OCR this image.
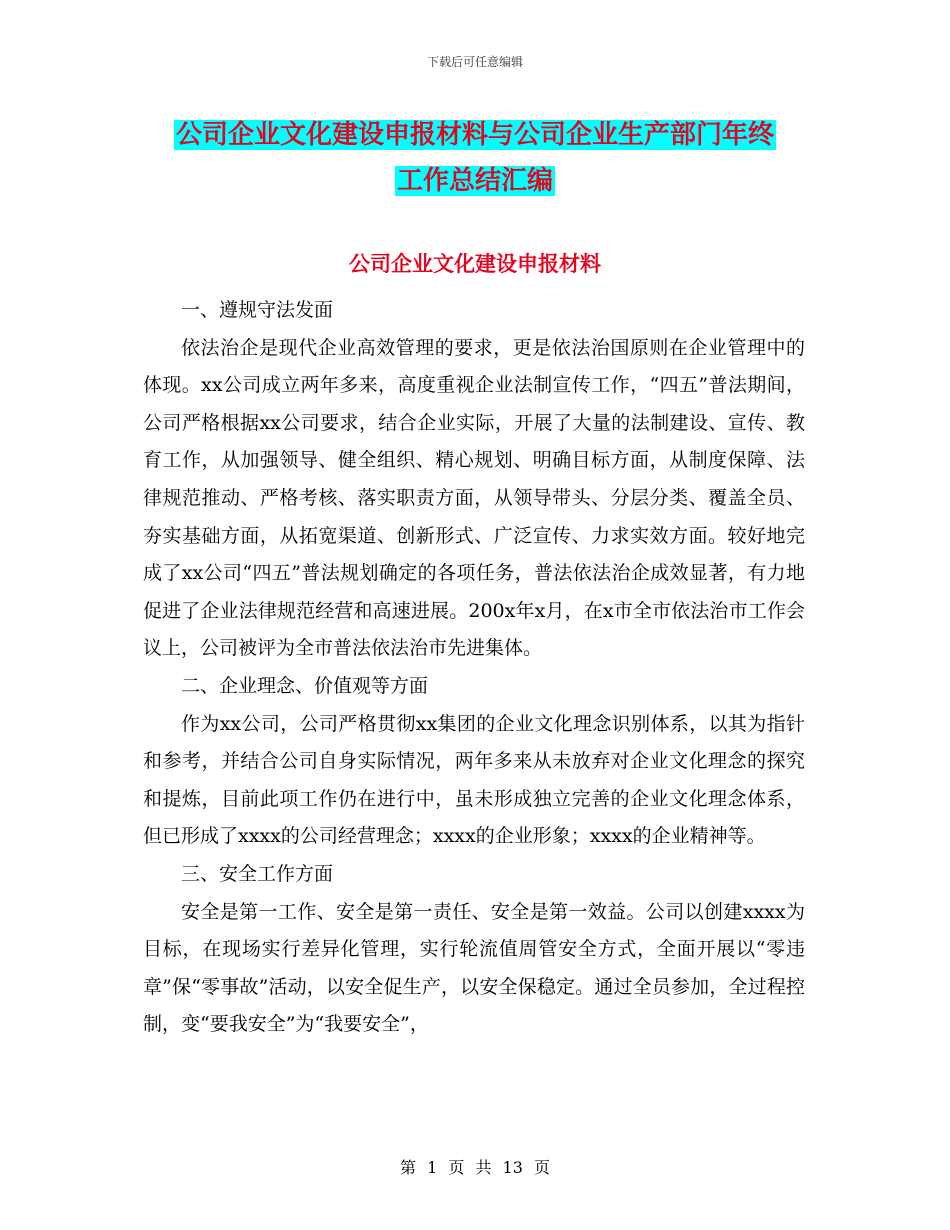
下载后可任意编辑
公司企业文化建设申报材料与公司企业生产部门年终
工作总结汇编
公司企业文化建设申报材料

一、遵规守法发面

依法治企是现代企业高效管理的要求，更是依法治国原则在企业管理中的体现。xx公司成立两年多来，高度重视企业法制宣传工作，“四五”普法期间，公司严格根据xx公司要求，结合企业实际，开展了大量的法制建设、宣传、教育工作，从加强领导、健全组织、精心规划、明确目标方面，从制度保障、法律规范推动、严格考核、落实职责方面，从领导带头、分层分类、覆盖全员、夯实基础方面，从拓宽渠道、创新形式、广泛宣传、力求实效方面。较好地完成了xx公司“四五”普法规划确定的各项任务，普法依法治企成效显著，有力地促进了企业法律规范经营和高速进展。200x年x月，在x市全市依法治市工作会议上，公司被评为全市普法依法治市先进集体。

二、企业理念、价值观等方面

作为xx公司，公司严格贯彻xx集团的企业文化理念识别体系，以其为指针和参考，并结合公司自身实际情况，两年多来从未放弃对企业文化理念的探究和提炼，目前此项工作仍在进行中，虽未形成独立完善的企业文化理念体系，但已形成了xxxx的公司经营理念；xxxx的企业形象；xxxx的企业精神等。

三、安全工作方面

安全是第一工作、安全是第一责任、安全是第一效益。公司以创建xxxx为目标，在现场实行差异化管理，实行轮流值周管安全方式，全面开展以“零违章”保“零事故”活动，以安全促生产，以安全保稳定。通过全员参加，全过程控制，变“要我安全”为“我要安全”，

第 1 页 共 13 页
